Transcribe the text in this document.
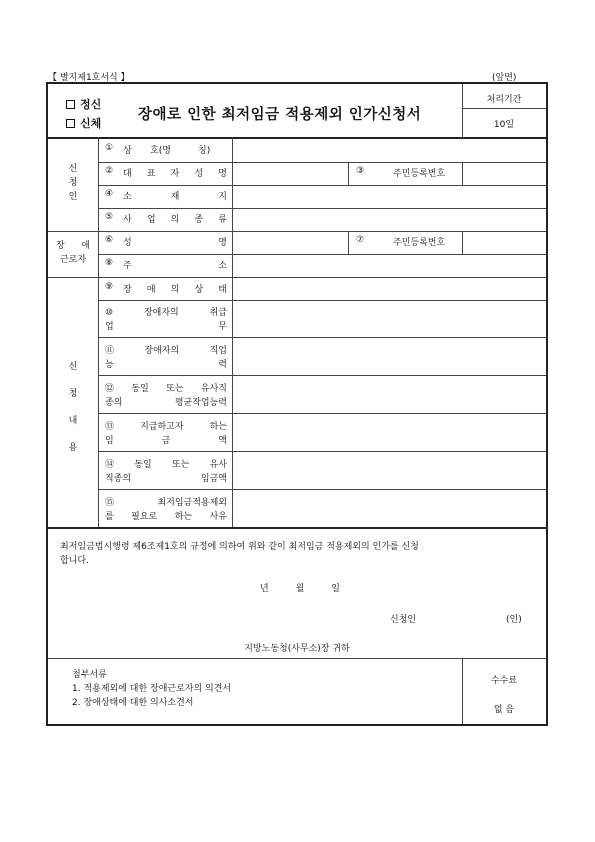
【 별지제1호서식 】	(앞면)
정신
신체
장애로 인한 최저임금 적용제외 인가신청서
처리기간
10일
신
청
인
① 상 호(명	칭)
② 대 표 자 성 명	③	주민등록번호
④ 소	재	지
⑤ 사 업 의 종 류
장 애
근로자
⑥ 성	명	⑦	주민등록번호
⑧ 주	소
신
청
내
용
⑨ 장 애 의 상 태
⑩	장애자의	취급
업	무
⑪	장애자의	직업
능	력
⑫ 동일 또는 유사직
종의	평균작업능력
⑬	지급하고자	하는
임	금	액
⑭ 동일 또는 유사
직종의	임금액
⑮	최저임금적용제외
를 필요로 하는 사유
최저임금법시행령 제6조제1호의 규정에 의하여 위와 같이 최저임금 적용제외의 인가를 신청
합니다.
년	월	일
신청인	(인)
지방노동청(사무소)장 귀하
첨부서류
1. 적용제외에 대한 장애근로자의 의견서
2. 장애상태에 대한 의사소견서
수수료
없 음
